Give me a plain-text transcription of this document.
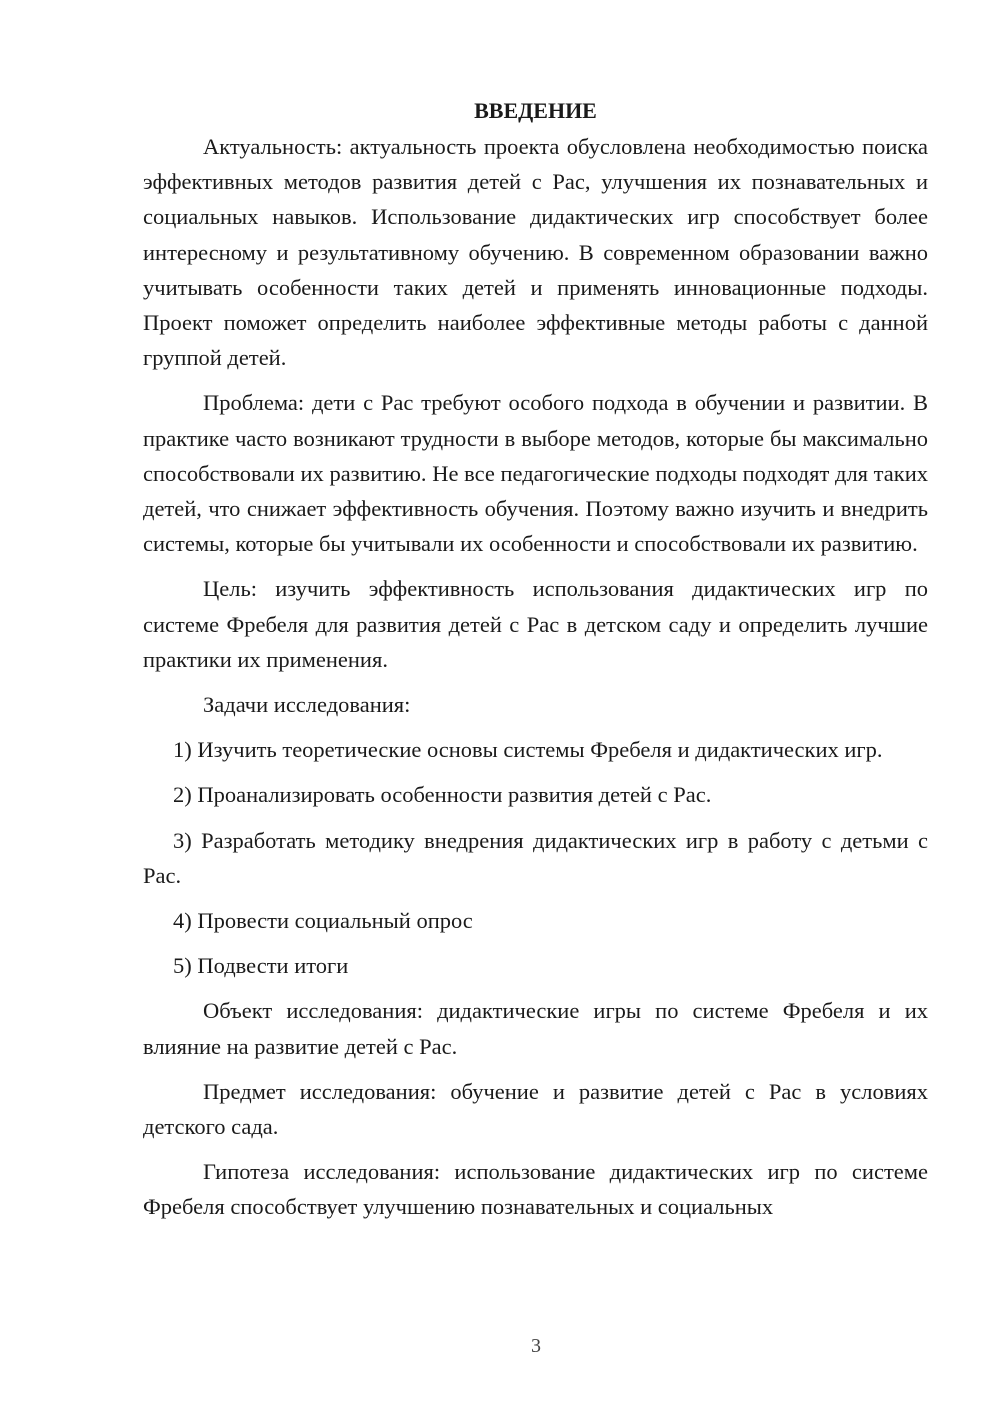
ВВЕДЕНИЕ

Актуальность: актуальность проекта обусловлена необходимостью поиска эффективных методов развития детей с Рас, улучшения их познавательных и социальных навыков. Использование дидактических игр способствует более интересному и результативному обучению. В современном образовании важно учитывать особенности таких детей и применять инновационные подходы. Проект поможет определить наиболее эффективные методы работы с данной группой детей.

Проблема: дети с Рас требуют особого подхода в обучении и развитии. В практике часто возникают трудности в выборе методов, которые бы максимально способствовали их развитию. Не все педагогические подходы подходят для таких детей, что снижает эффективность обучения. Поэтому важно изучить и внедрить системы, которые бы учитывали их особенности и способствовали их развитию.

Цель: изучить эффективность использования дидактических игр по системе Фребеля для развития детей с Рас в детском саду и определить лучшие практики их применения.

Задачи исследования:

1) Изучить теоретические основы системы Фребеля и дидактических игр.

2) Проанализировать особенности развития детей с Рас.

3) Разработать методику внедрения дидактических игр в работу с детьми с Рас.

4) Провести социальный опрос

5) Подвести итоги

Объект исследования: дидактические игры по системе Фребеля и их влияние на развитие детей с Рас.

Предмет исследования: обучение и развитие детей с Рас в условиях детского сада.

Гипотеза исследования: использование дидактических игр по системе Фребеля способствует улучшению познавательных и социальных

3
